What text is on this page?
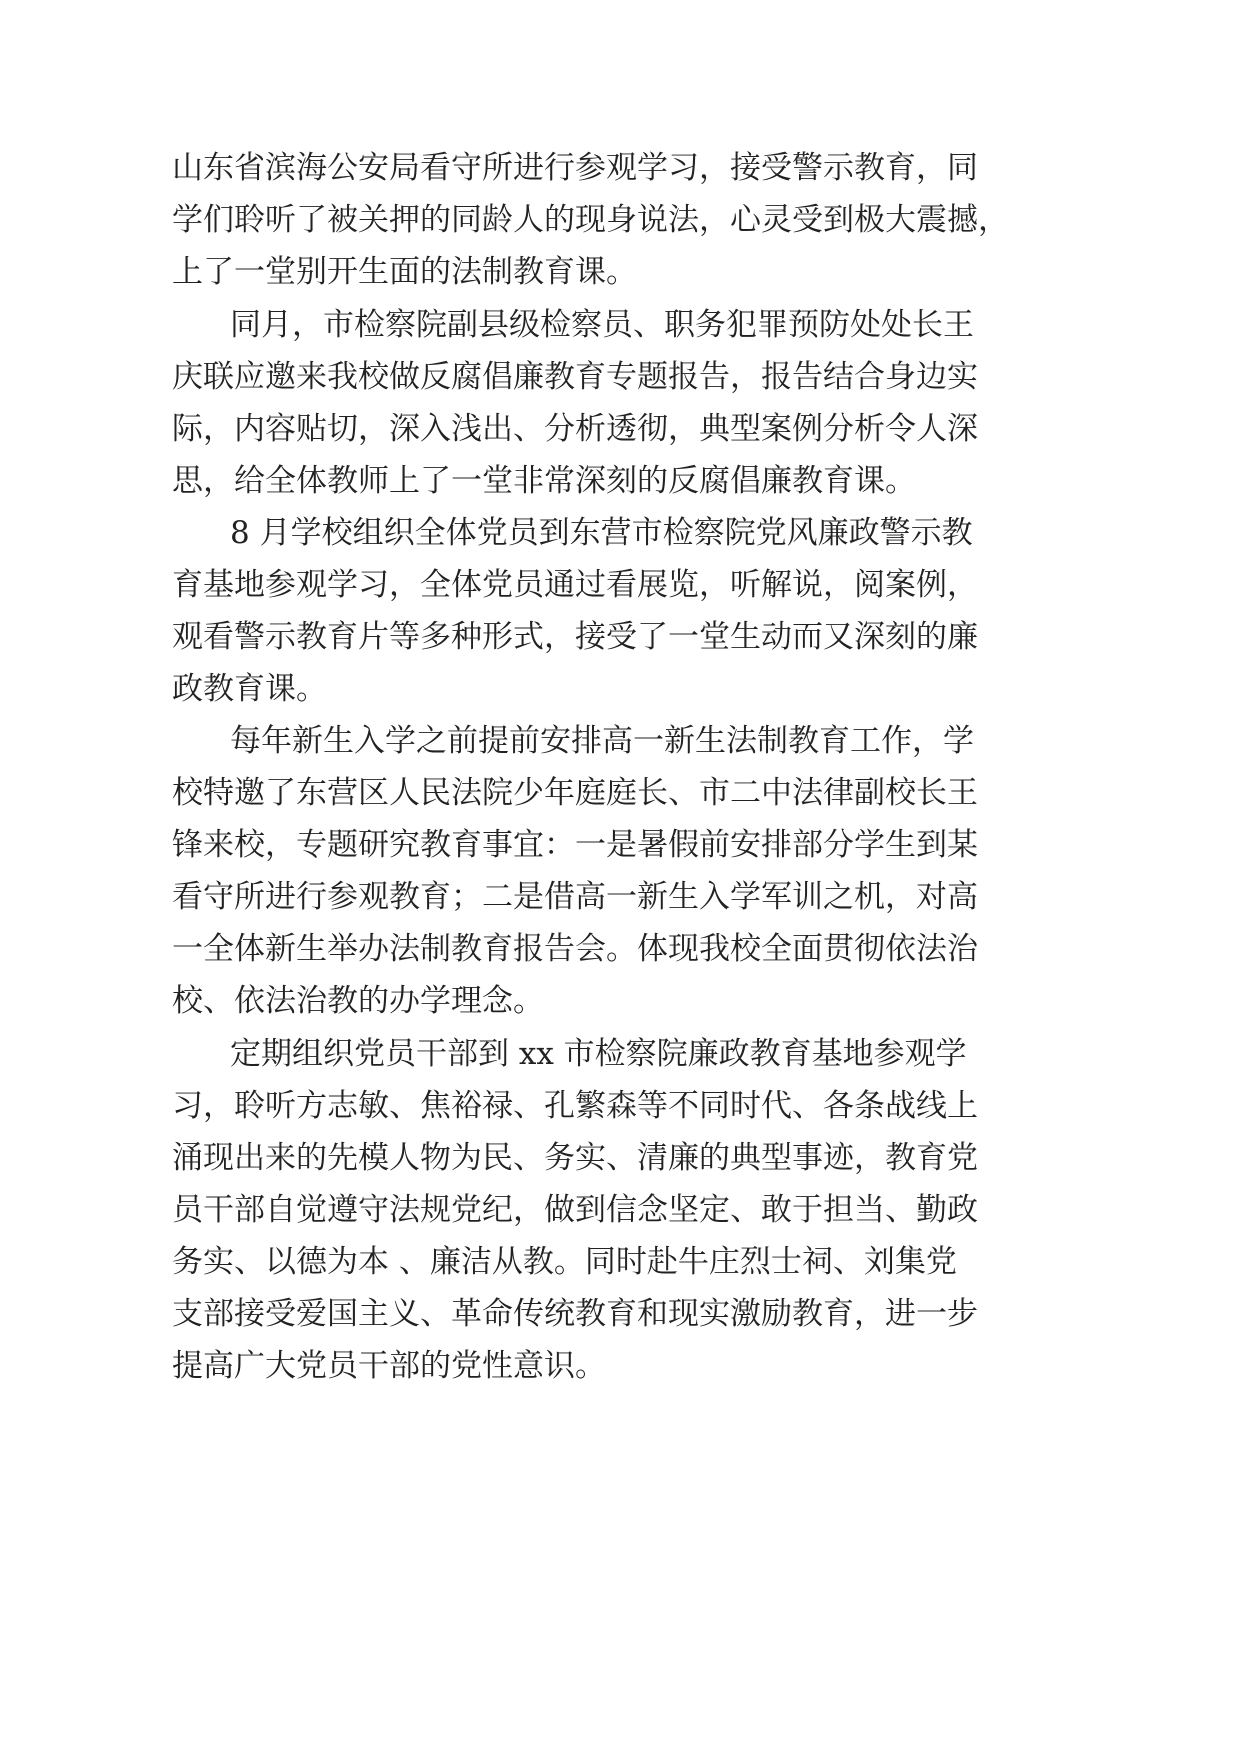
山东省滨海公安局看守所进行参观学习，接受警示教育，同
学们聆听了被关押的同龄人的现身说法，心灵受到极大震撼，
上了一堂别开生面的法制教育课。
同月，市检察院副县级检察员、职务犯罪预防处处长王
庆联应邀来我校做反腐倡廉教育专题报告，报告结合身边实
际，内容贴切，深入浅出、分析透彻，典型案例分析令人深
思，给全体教师上了一堂非常深刻的反腐倡廉教育课。
8 月学校组织全体党员到东营市检察院党风廉政警示教
育基地参观学习，全体党员通过看展览，听解说，阅案例，
观看警示教育片等多种形式，接受了一堂生动而又深刻的廉
政教育课。
每年新生入学之前提前安排高一新生法制教育工作，学
校特邀了东营区人民法院少年庭庭长、市二中法律副校长王
锋来校，专题研究教育事宜：一是暑假前安排部分学生到某
看守所进行参观教育；二是借高一新生入学军训之机，对高
一全体新生举办法制教育报告会。体现我校全面贯彻依法治
校、依法治教的办学理念。
定期组织党员干部到 xx 市检察院廉政教育基地参观学
习，聆听方志敏、焦裕禄、孔繁森等不同时代、各条战线上
涌现出来的先模人物为民、务实、清廉的典型事迹，教育党
员干部自觉遵守法规党纪，做到信念坚定、敢于担当、勤政
务实、以德为本 、廉洁从教。同时赴牛庄烈士祠、刘集党
支部接受爱国主义、革命传统教育和现实激励教育，进一步
提高广大党员干部的党性意识。
